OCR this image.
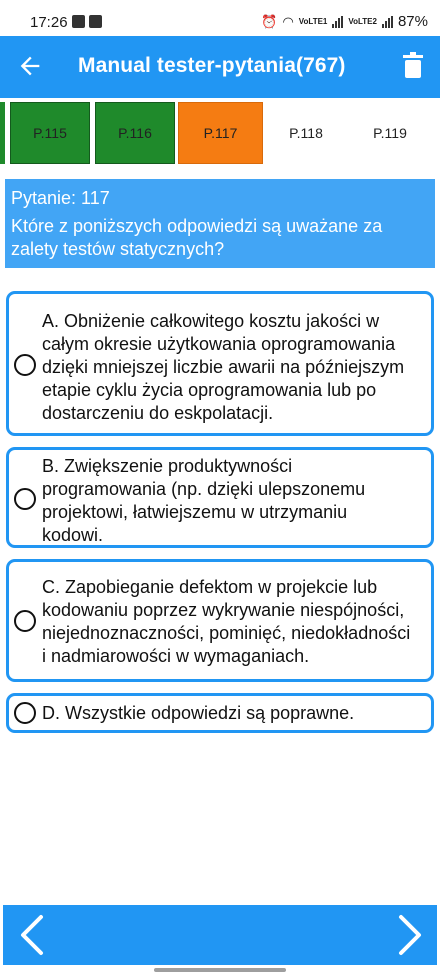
17:26	⏰ ◠ VoLTE1	VoLTE2 87%
Manual tester-pytania(767)
P.115	P.116	P.117	P.118	P.119
Pytanie: 117
Które z poniższych odpowiedzi są uważane za
zalety testów statycznych?
A. Obniżenie całkowitego kosztu jakości w
całym okresie użytkowania oprogramowania
dzięki mniejszej liczbie awarii na późniejszym
etapie cyklu życia oprogramowania lub po
dostarczeniu do eskpolatacji.
B. Zwiększenie produktywności
programowania (np. dzięki ulepszonemu
projektowi, łatwiejszemu w utrzymaniu
kodowi.
C. Zapobieganie defektom w projekcie lub
kodowaniu poprzez wykrywanie niespójności,
niejednoznaczności, pominięć, niedokładności
i nadmiarowości w wymaganiach.
D. Wszystkie odpowiedzi są poprawne.
